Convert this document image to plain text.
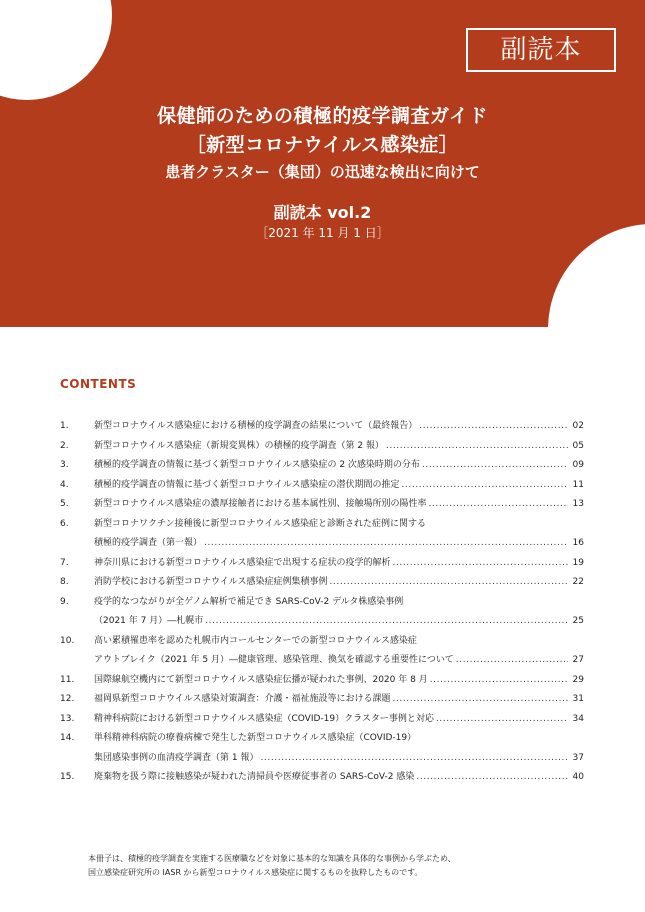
副読本
保健師のための積極的疫学調査ガイド
［新型コロナウイルス感染症］
患者クラスター（集団）の迅速な検出に向けて
副読本 vol.2
［2021 年 11 月 1 日］
CONTENTS
1.	新型コロナウイルス感染症における積極的疫学調査の結果について（最終報告） .....	02
2.	新型コロナウイルス感染症（新規変異株）の積極的疫学調査（第 2 報） .....	05
3.	積極的疫学調査の情報に基づく新型コロナウイルス感染症の 2 次感染時期の分布 .....	09
4.	積極的疫学調査の情報に基づく新型コロナウイルス感染症の潜伏期間の推定 .....	11
5.	新型コロナウイルス感染症の濃厚接触者における基本属性別、接触場所別の陽性率 .....	13
6.	新型コロナワクチン接種後に新型コロナウイルス感染症と診断された症例に関する
積極的疫学調査（第一報） .....	16
7.	神奈川県における新型コロナウイルス感染症で出現する症状の疫学的解析 .....	19
8.	消防学校における新型コロナウイルス感染症症例集積事例 .....	22
9.	疫学的なつながりが全ゲノム解析で補足でき SARS-CoV-2 デルタ株感染事例
（2021 年 7 月）―札幌市 .....	25
10.	高い累積罹患率を認めた札幌市内コールセンターでの新型コロナウイルス感染症
アウトブレイク（2021 年 5 月）―健康管理、感染管理、換気を確認する重要性について .....	27
11.	国際線航空機内にて新型コロナウイルス感染症伝播が疑われた事例、2020 年 8 月 .....	29
12.	福岡県新型コロナウイルス感染対策調査：介護・福祉施設等における課題 .....	31
13.	精神科病院における新型コロナウイルス感染症（COVID-19）クラスター事例と対応 .....	34
14.	単科精神科病院の療養病棟で発生した新型コロナウイルス感染症（COVID-19）
集団感染事例の血清疫学調査（第 1 報） .....	37
15.	廃棄物を扱う際に接触感染が疑われた清掃員や医療従事者の SARS-CoV-2 感染 .....	40
本冊子は、積極的疫学調査を実施する医療職などを対象に基本的な知識を具体的な事例から学ぶため、
国立感染症研究所の IASR から新型コロナウイルス感染症に関するものを抜粋したものです。
